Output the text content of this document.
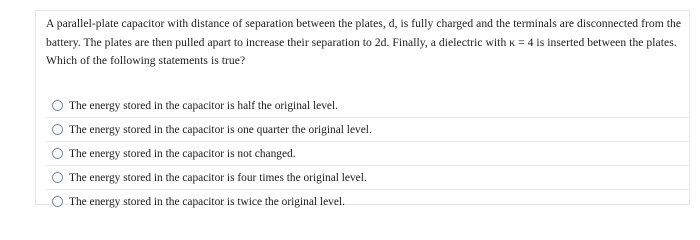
A parallel-plate capacitor with distance of separation between the plates, d, is fully charged and the terminals are disconnected from the
battery. The plates are then pulled apart to increase their separation to 2d. Finally, a dielectric with κ = 4 is inserted between the plates.
Which of the following statements is true?
The energy stored in the capacitor is half the original level.
The energy stored in the capacitor is one quarter the original level.
The energy stored in the capacitor is not changed.
The energy stored in the capacitor is four times the original level.
The energy stored in the capacitor is twice the original level.
